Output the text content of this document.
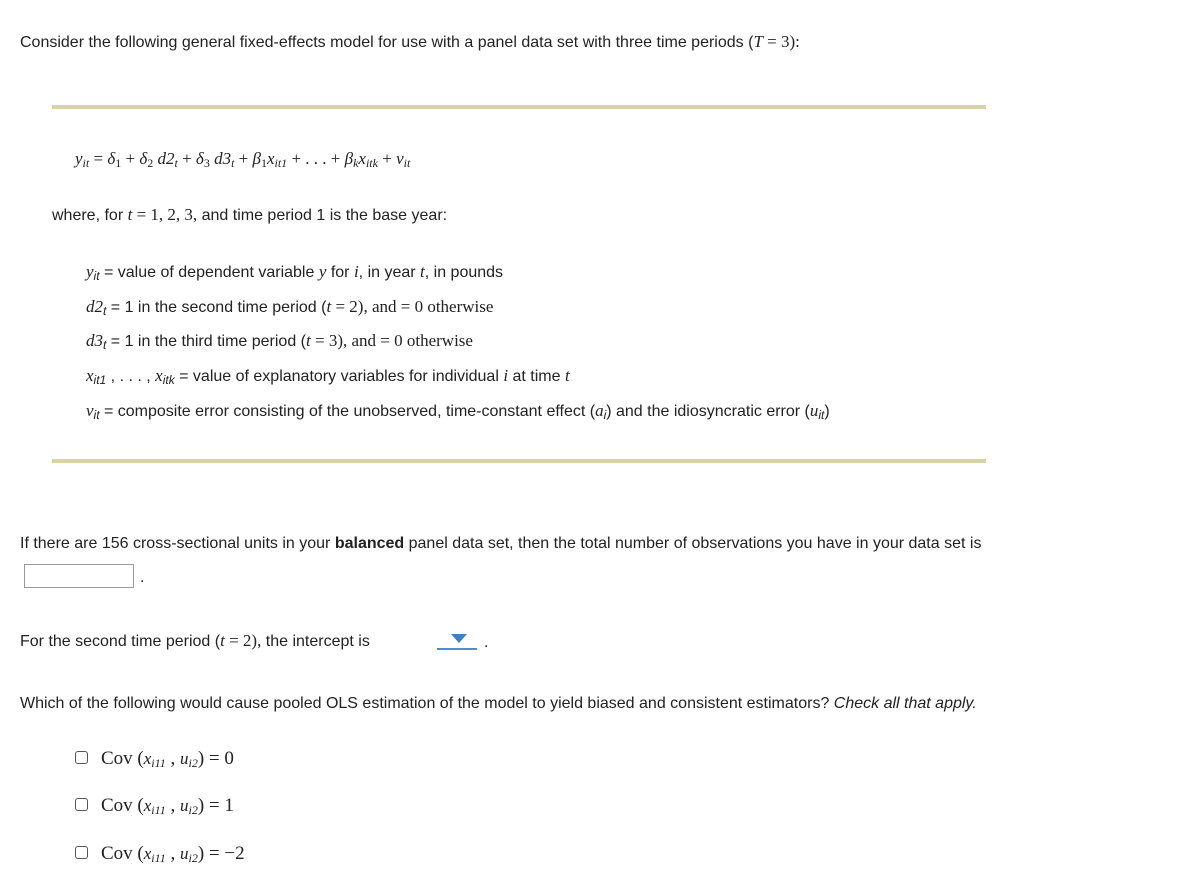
Consider the following general fixed-effects model for use with a panel data set with three time periods (T = 3):
$y_{it} = \delta_1 + \delta_2$ $d2_t + \delta_3$ $d3_t + \beta_1x_{it1}$ + . . . + $\beta_kx_{itk} + v_{it}$
where, for t = 1, 2, 3, and time period 1 is the base year:
$y_{it}$ = value of dependent variable y for i, in year t, in pounds
$d2_t = 1$ in the second time period (t = 2), and = 0 otherwise
$d3_t = 1$ in the third time period (t = 3), and = 0 otherwise
$x_{it1}$ , . . . , $x_{itk}$ = value of explanatory variables for individual i at time t
$v_{it}$ = composite error consisting of the unobserved, time-constant effect $(a_i)$ and the idiosyncratic error $(u_{it})$
If there are 156 cross-sectional units in your balanced panel data set, then the total number of observations you have in your data set is
.
For the second time period (t = 2), the intercept is	.
Which of the following would cause pooled OLS estimation of the model to yield biased and consistent estimators? Check all that apply.
Cov ($x_{i11}$ , $u_{i2}) = 0$
Cov ($x_{i11}$ , $u_{i2}) = 1$
Cov ($x_{i11}$ , $u_{i2}) = -2$
